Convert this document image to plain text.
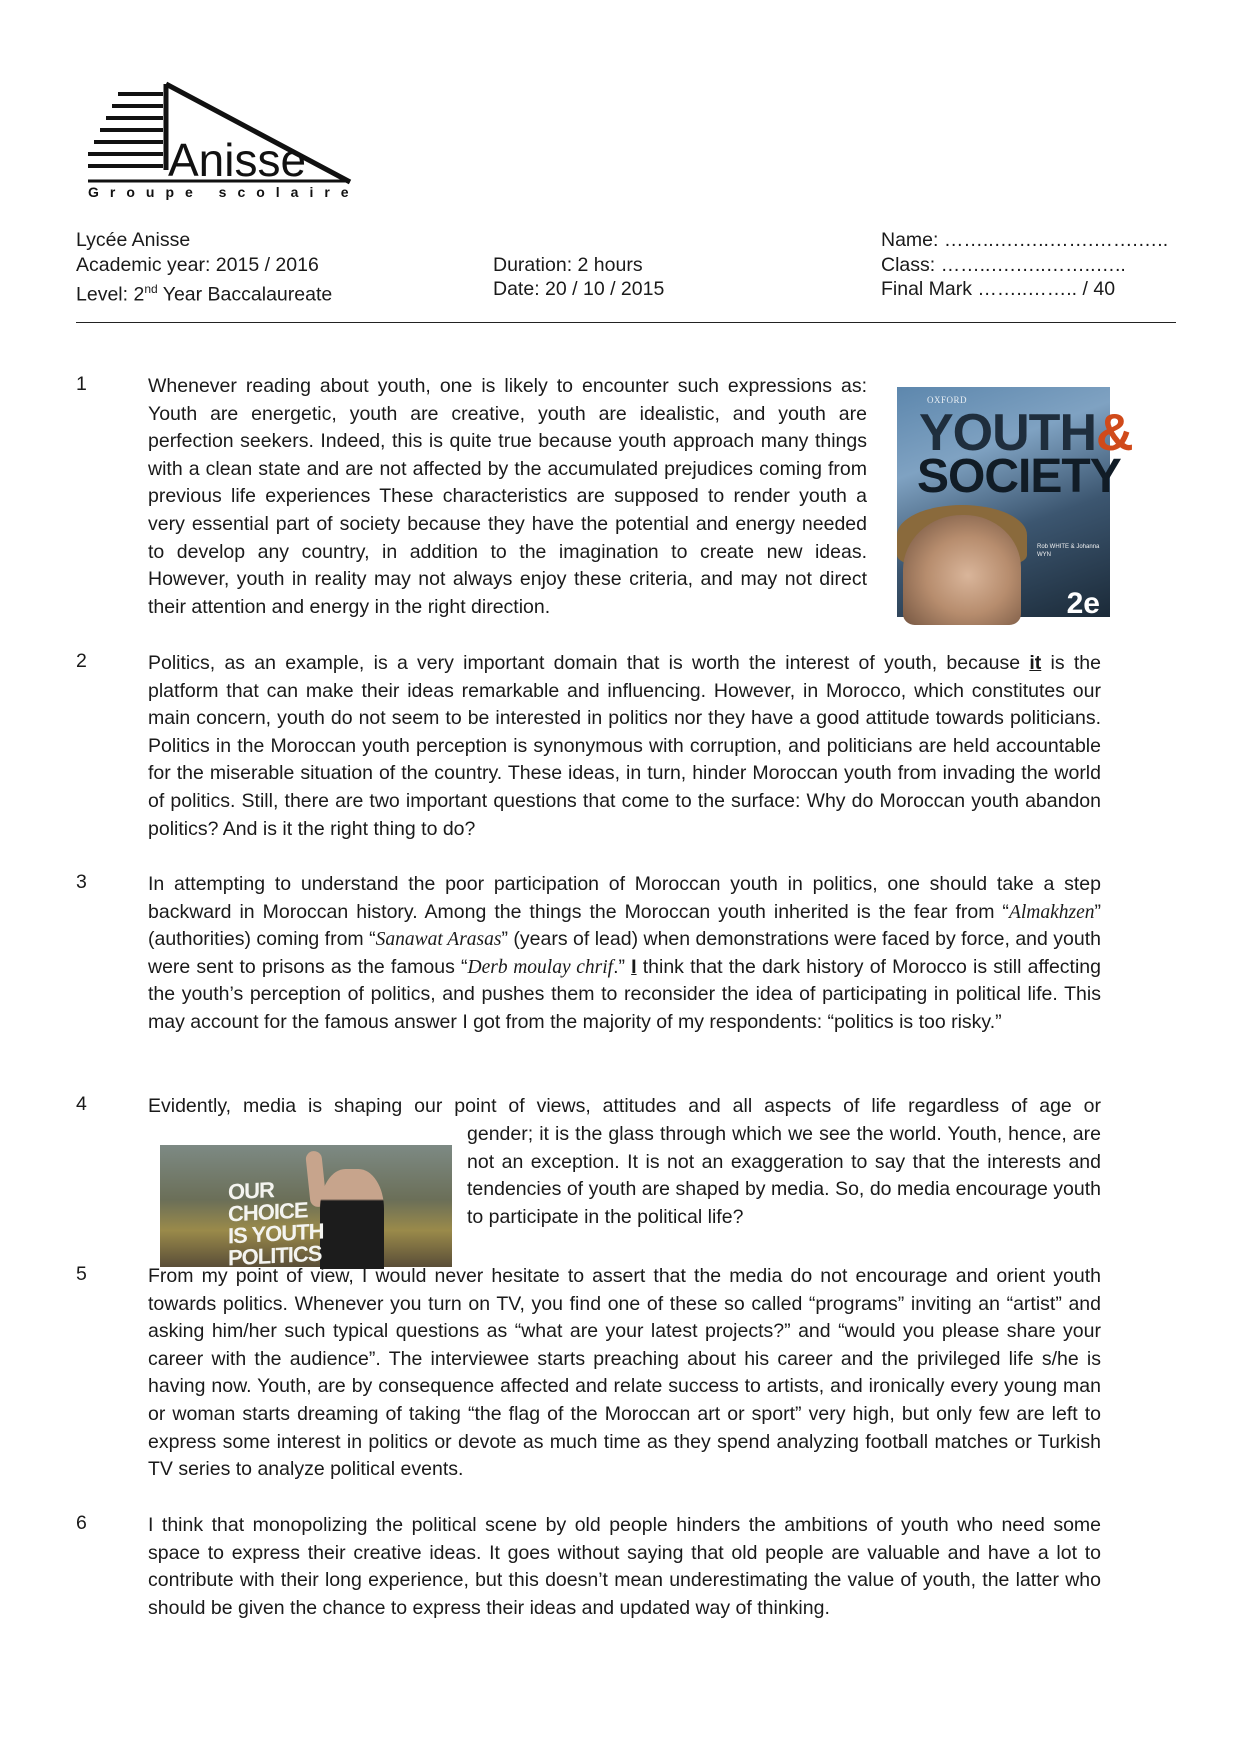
Anisse
Groupe scolaire
Lycée Anisse
Academic year: 2015 / 2016
Level: 2nd Year Baccalaureate
Duration: 2 hours
Date: 20 / 10 / 2015
Name: ……..….…..…….…….…..
Class: ……..….…..……..…..
Final Mark ……..…….. / 40
1	Whenever reading about youth, one is likely to encounter such expressions as: Youth are energetic, youth are creative, youth are idealistic, and youth are perfection seekers. Indeed, this is quite true because youth approach many things with a clean state and are not affected by the accumulated prejudices coming from previous life experiences These characteristics are supposed to render youth a very essential part of society because they have the potential and energy needed to develop any country, in addition to the imagination to create new ideas. However, youth in reality may not always enjoy these criteria, and may not direct their attention and energy in the right direction.

OXFORD
YOUTH&
SOCIETY
Rob WHITE & Johanna WYN
2e
2	Politics, as an example, is a very important domain that is worth the interest of youth, because it is the platform that can make their ideas remarkable and influencing. However, in Morocco, which constitutes our main concern, youth do not seem to be interested in politics nor they have a good attitude towards politicians. Politics in the Moroccan youth perception is synonymous with corruption, and politicians are held accountable for the miserable situation of the country. These ideas, in turn, hinder Moroccan youth from invading the world of politics. Still, there are two important questions that come to the surface: Why do Moroccan youth abandon politics? And is it the right thing to do?

3	In attempting to understand the poor participation of Moroccan youth in politics, one should take a step backward in Moroccan history. Among the things the Moroccan youth inherited is the fear from “Almakhzen” (authorities) coming from “Sanawat Arasas” (years of lead) when demonstrations were faced by force, and youth were sent to prisons as the famous “Derb moulay chrif.” I think that the dark history of Morocco is still affecting the youth’s perception of politics, and pushes them to reconsider the idea of participating in political life. This may account for the famous answer I got from the majority of my respondents: “politics is too risky.”

4	Evidently, media is shaping our point of views, attitudes and all aspects of life regardless of age or

gender; it is the glass through which we see the world. Youth, hence, are not an exception. It is not an exaggeration to say that the interests and tendencies of youth are shaped by media. So, do media encourage youth to participate in the political life?

OUR
CHOICE
IS YOUTH
POLITICS
5	From my point of view, I would never hesitate to assert that the media do not encourage and orient youth towards politics. Whenever you turn on TV, you find one of these so called “programs” inviting an “artist” and asking him/her such typical questions as “what are your latest projects?” and “would you please share your career with the audience”. The interviewee starts preaching about his career and the privileged life s/he is having now. Youth, are by consequence affected and relate success to artists, and ironically every young man or woman starts dreaming of taking “the flag of the Moroccan art or sport” very high, but only few are left to express some interest in politics or devote as much time as they spend analyzing football matches or Turkish TV series to analyze political events.

6	I think that monopolizing the political scene by old people hinders the ambitions of youth who need some space to express their creative ideas. It goes without saying that old people are valuable and have a lot to contribute with their long experience, but this doesn’t mean underestimating the value of youth, the latter who should be given the chance to express their ideas and updated way of thinking.
